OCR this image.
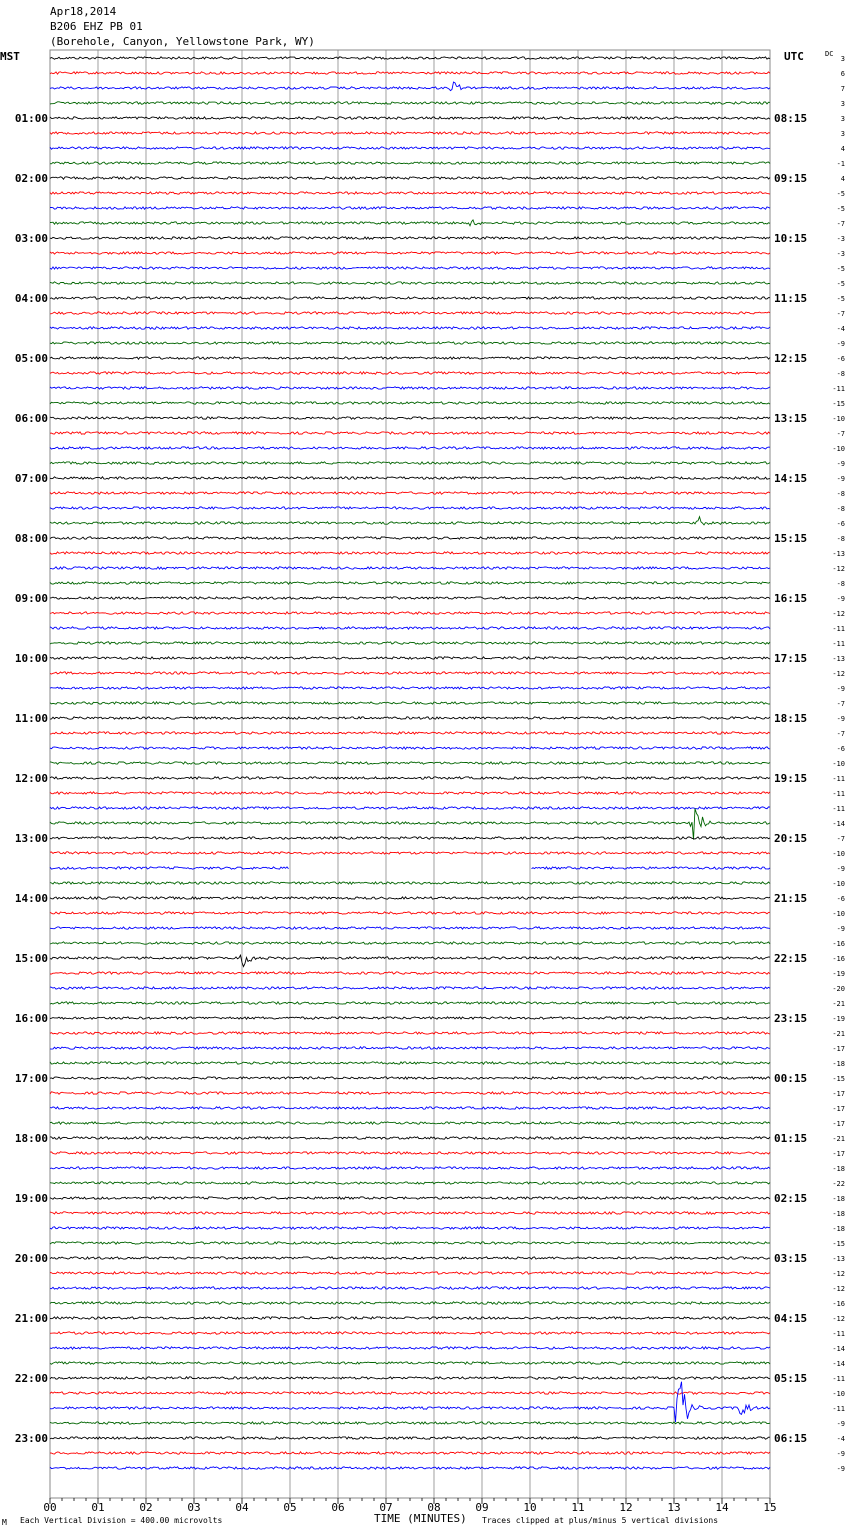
Apr18,2014
B206 EHZ PB 01
(Borehole, Canyon, Yellowstone Park, WY)
MST	UTC	DC
01:00
02:00
03:00
04:00
05:00
06:00
07:00
08:00
09:00
10:00
11:00
12:00
13:00
14:00
15:00
16:00
17:00
18:00
19:00
20:00
21:00
22:00
23:00
08:15
09:15
10:15
11:15
12:15
13:15
14:15
15:15
16:15
17:15
18:15
19:15
20:15
21:15
22:15
23:15
00:15
01:15
02:15
03:15
04:15
05:15
06:15
3
6
7
3
3
3
4
-1
4
-5
-5
-7
-3
-3
-5
-5
-5
-7
-4
-9
-6
-8
-11
-15
-10
-7
-10
-9
-9
-8
-8
-6
-8
-13
-12
-8
-9
-12
-11
-11
-13
-12
-9
-7
-9
-7
-6
-10
-11
-11
-11
-14
-7
-10
-9
-10
-6
-10
-9
-16
-16
-19
-20
-21
-19
-21
-17
-18
-15
-17
-17
-17
-21
-17
-18
-22
-18
-18
-18
-15
-13
-12
-12
-16
-12
-11
-14
-14
-11
-10
-11
-9
-4
-9
-9
00	01	02	03	04	05	06	07	08	09	10	11	12	13	14	15
M Each Vertical Division = 400.00 microvolts	TIME (MINUTES) Traces clipped at plus/minus 5 vertical divisions
